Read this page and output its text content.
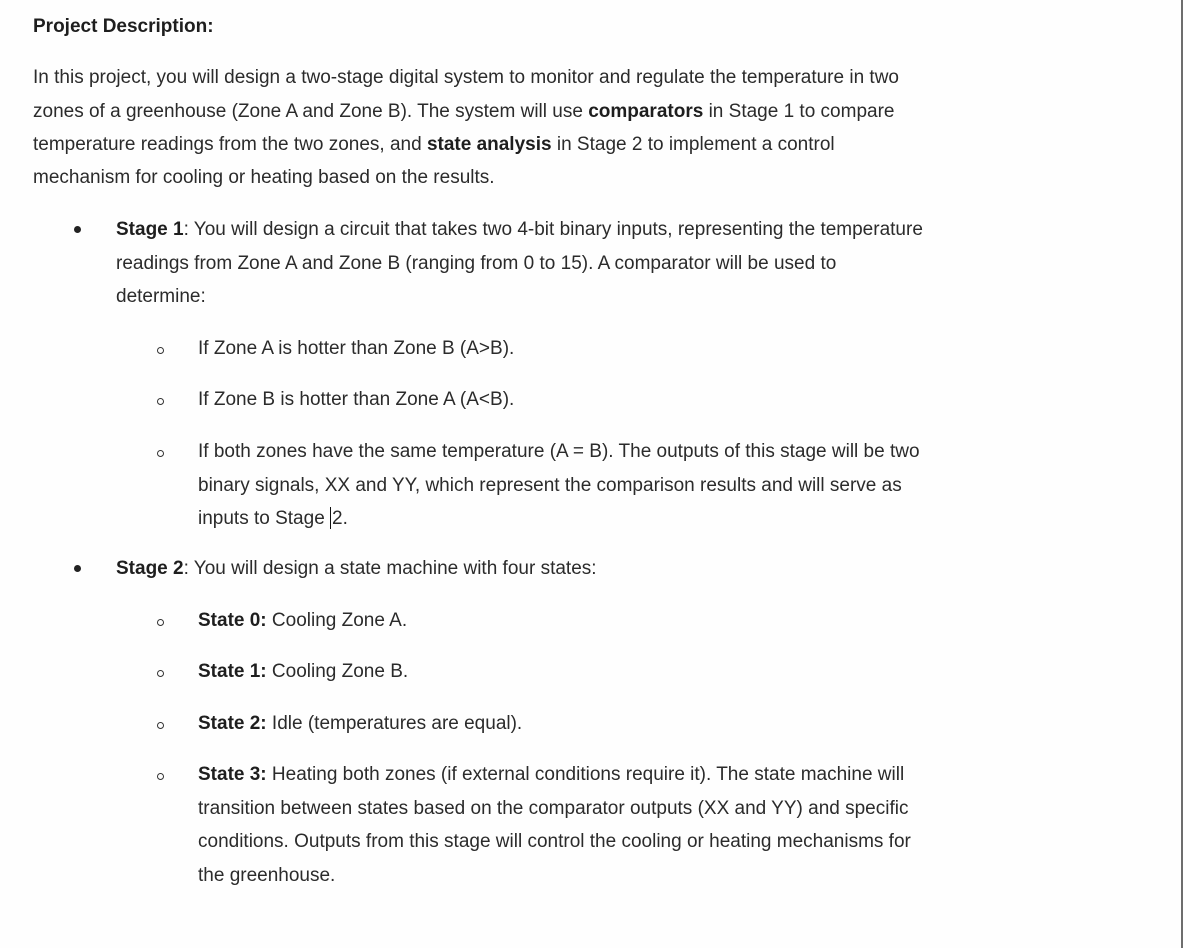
Project Description:
In this project, you will design a two-stage digital system to monitor and regulate the temperature in two
zones of a greenhouse (Zone A and Zone B). The system will use comparators in Stage 1 to compare
temperature readings from the two zones, and state analysis in Stage 2 to implement a control
mechanism for cooling or heating based on the results.
Stage 1: You will design a circuit that takes two 4-bit binary inputs, representing the temperature
readings from Zone A and Zone B (ranging from 0 to 15). A comparator will be used to
determine:
If Zone A is hotter than Zone B (A>B).
If Zone B is hotter than Zone A (A<B).
If both zones have the same temperature (A = B). The outputs of this stage will be two
binary signals, XX and YY, which represent the comparison results and will serve as
inputs to Stage 2.
Stage 2: You will design a state machine with four states:
State 0: Cooling Zone A.
State 1: Cooling Zone B.
State 2: Idle (temperatures are equal).
State 3: Heating both zones (if external conditions require it). The state machine will
transition between states based on the comparator outputs (XX and YY) and specific
conditions. Outputs from this stage will control the cooling or heating mechanisms for
the greenhouse.
